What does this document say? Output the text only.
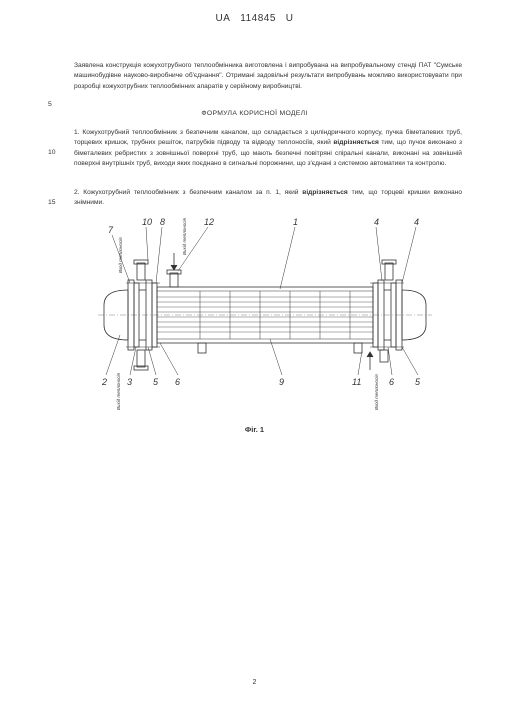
UA 114845 U
Заявлена конструкція кожухотрубного теплообмінника виготовлена і випробувана на випробувальному стенді ПАТ "Сумське машинобудівне науково-виробниче об'єднання". Отримані задовільні результати випробувань можливо використовувати при розробці кожухотрубних теплообмінних апаратів у серійному виробництві.
5
10
15
ФОРМУЛА КОРИСНОЇ МОДЕЛІ
1. Кожухотрубний теплообмінник з безпечним каналом, що складається з циліндричного корпусу, пучка біметалевих труб, торцевих кришок, трубних решіток, патрубків підводу та відводу теплоносіїв, який відрізняється тим, що пучок виконано з біметалевих ребристих з зовнішньої поверхні труб, що мають безпечні повітряні спіральні канали, виконані на зовнішній поверхні внутрішніх труб, виходи яких поєднано в сигнальні порожнини, що з'єднані з системою автоматики та контролю.
2. Кожухотрубний теплообмінник з безпечним каналом за п. 1, який відрізняється тим, що торцеві кришки виконано знімними.
7
10 8	12	1	4	4
2 3 5 6	9	11	6 5
Вход теплоносія
Вихід теплоносія
Вихід теплоносія	Вход теплоносія
Фіг. 1
2
